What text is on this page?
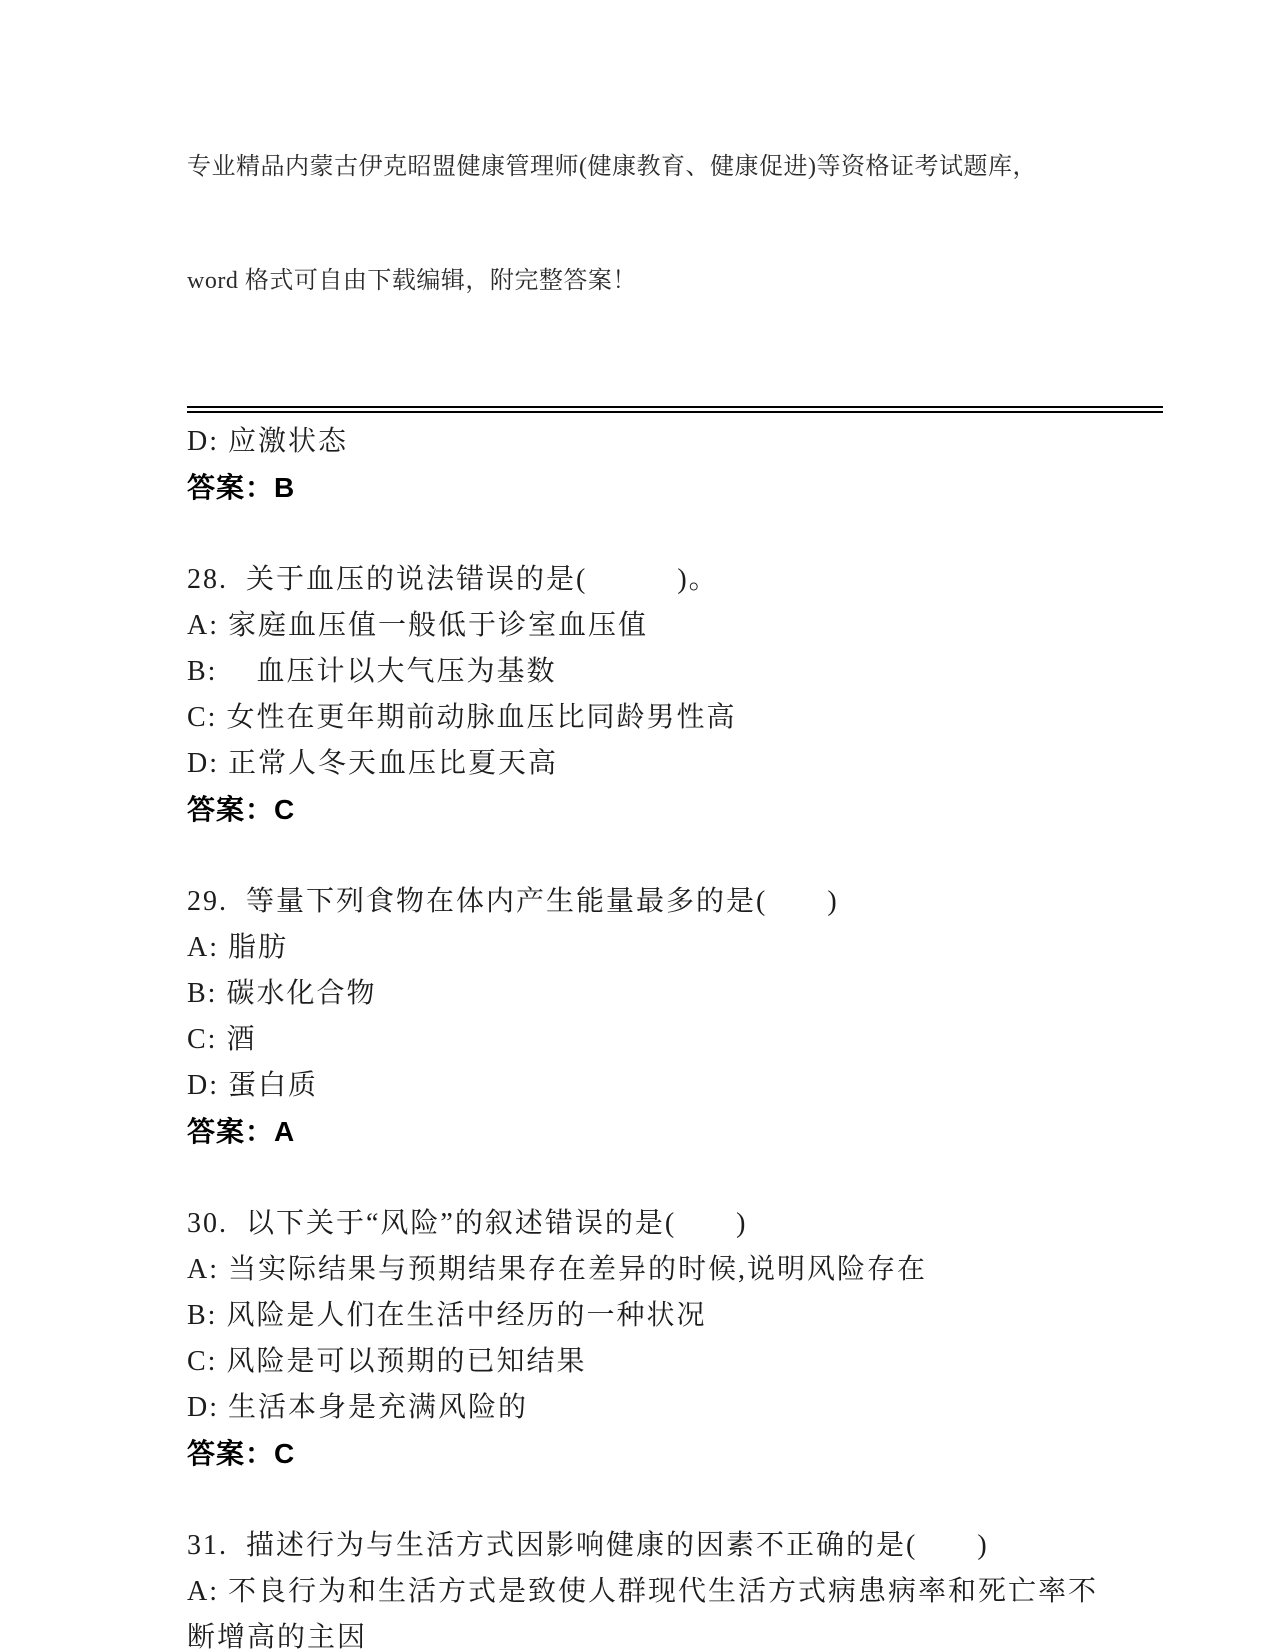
专业精品内蒙古伊克昭盟健康管理师(健康教育、健康促进)等资格证考试题库，

word 格式可自由下载编辑，附完整答案！

D: 应激状态
答案：B
28.  关于血压的说法错误的是(　　　)。
A: 家庭血压值一般低于诊室血压值
B: 　血压计以大气压为基数
C: 女性在更年期前动脉血压比同龄男性高
D: 正常人冬天血压比夏天高
答案：C
29.  等量下列食物在体内产生能量最多的是(　　)
A: 脂肪
B: 碳水化合物
C: 酒
D: 蛋白质
答案：A
30.  以下关于“风险”的叙述错误的是(　　)
A: 当实际结果与预期结果存在差异的时候,说明风险存在
B: 风险是人们在生活中经历的一种状况
C: 风险是可以预期的已知结果
D: 生活本身是充满风险的
答案：C
31.  描述行为与生活方式因影响健康的因素不正确的是(　　)
A: 不良行为和生活方式是致使人群现代生活方式病患病率和死亡率不断增高的主因
